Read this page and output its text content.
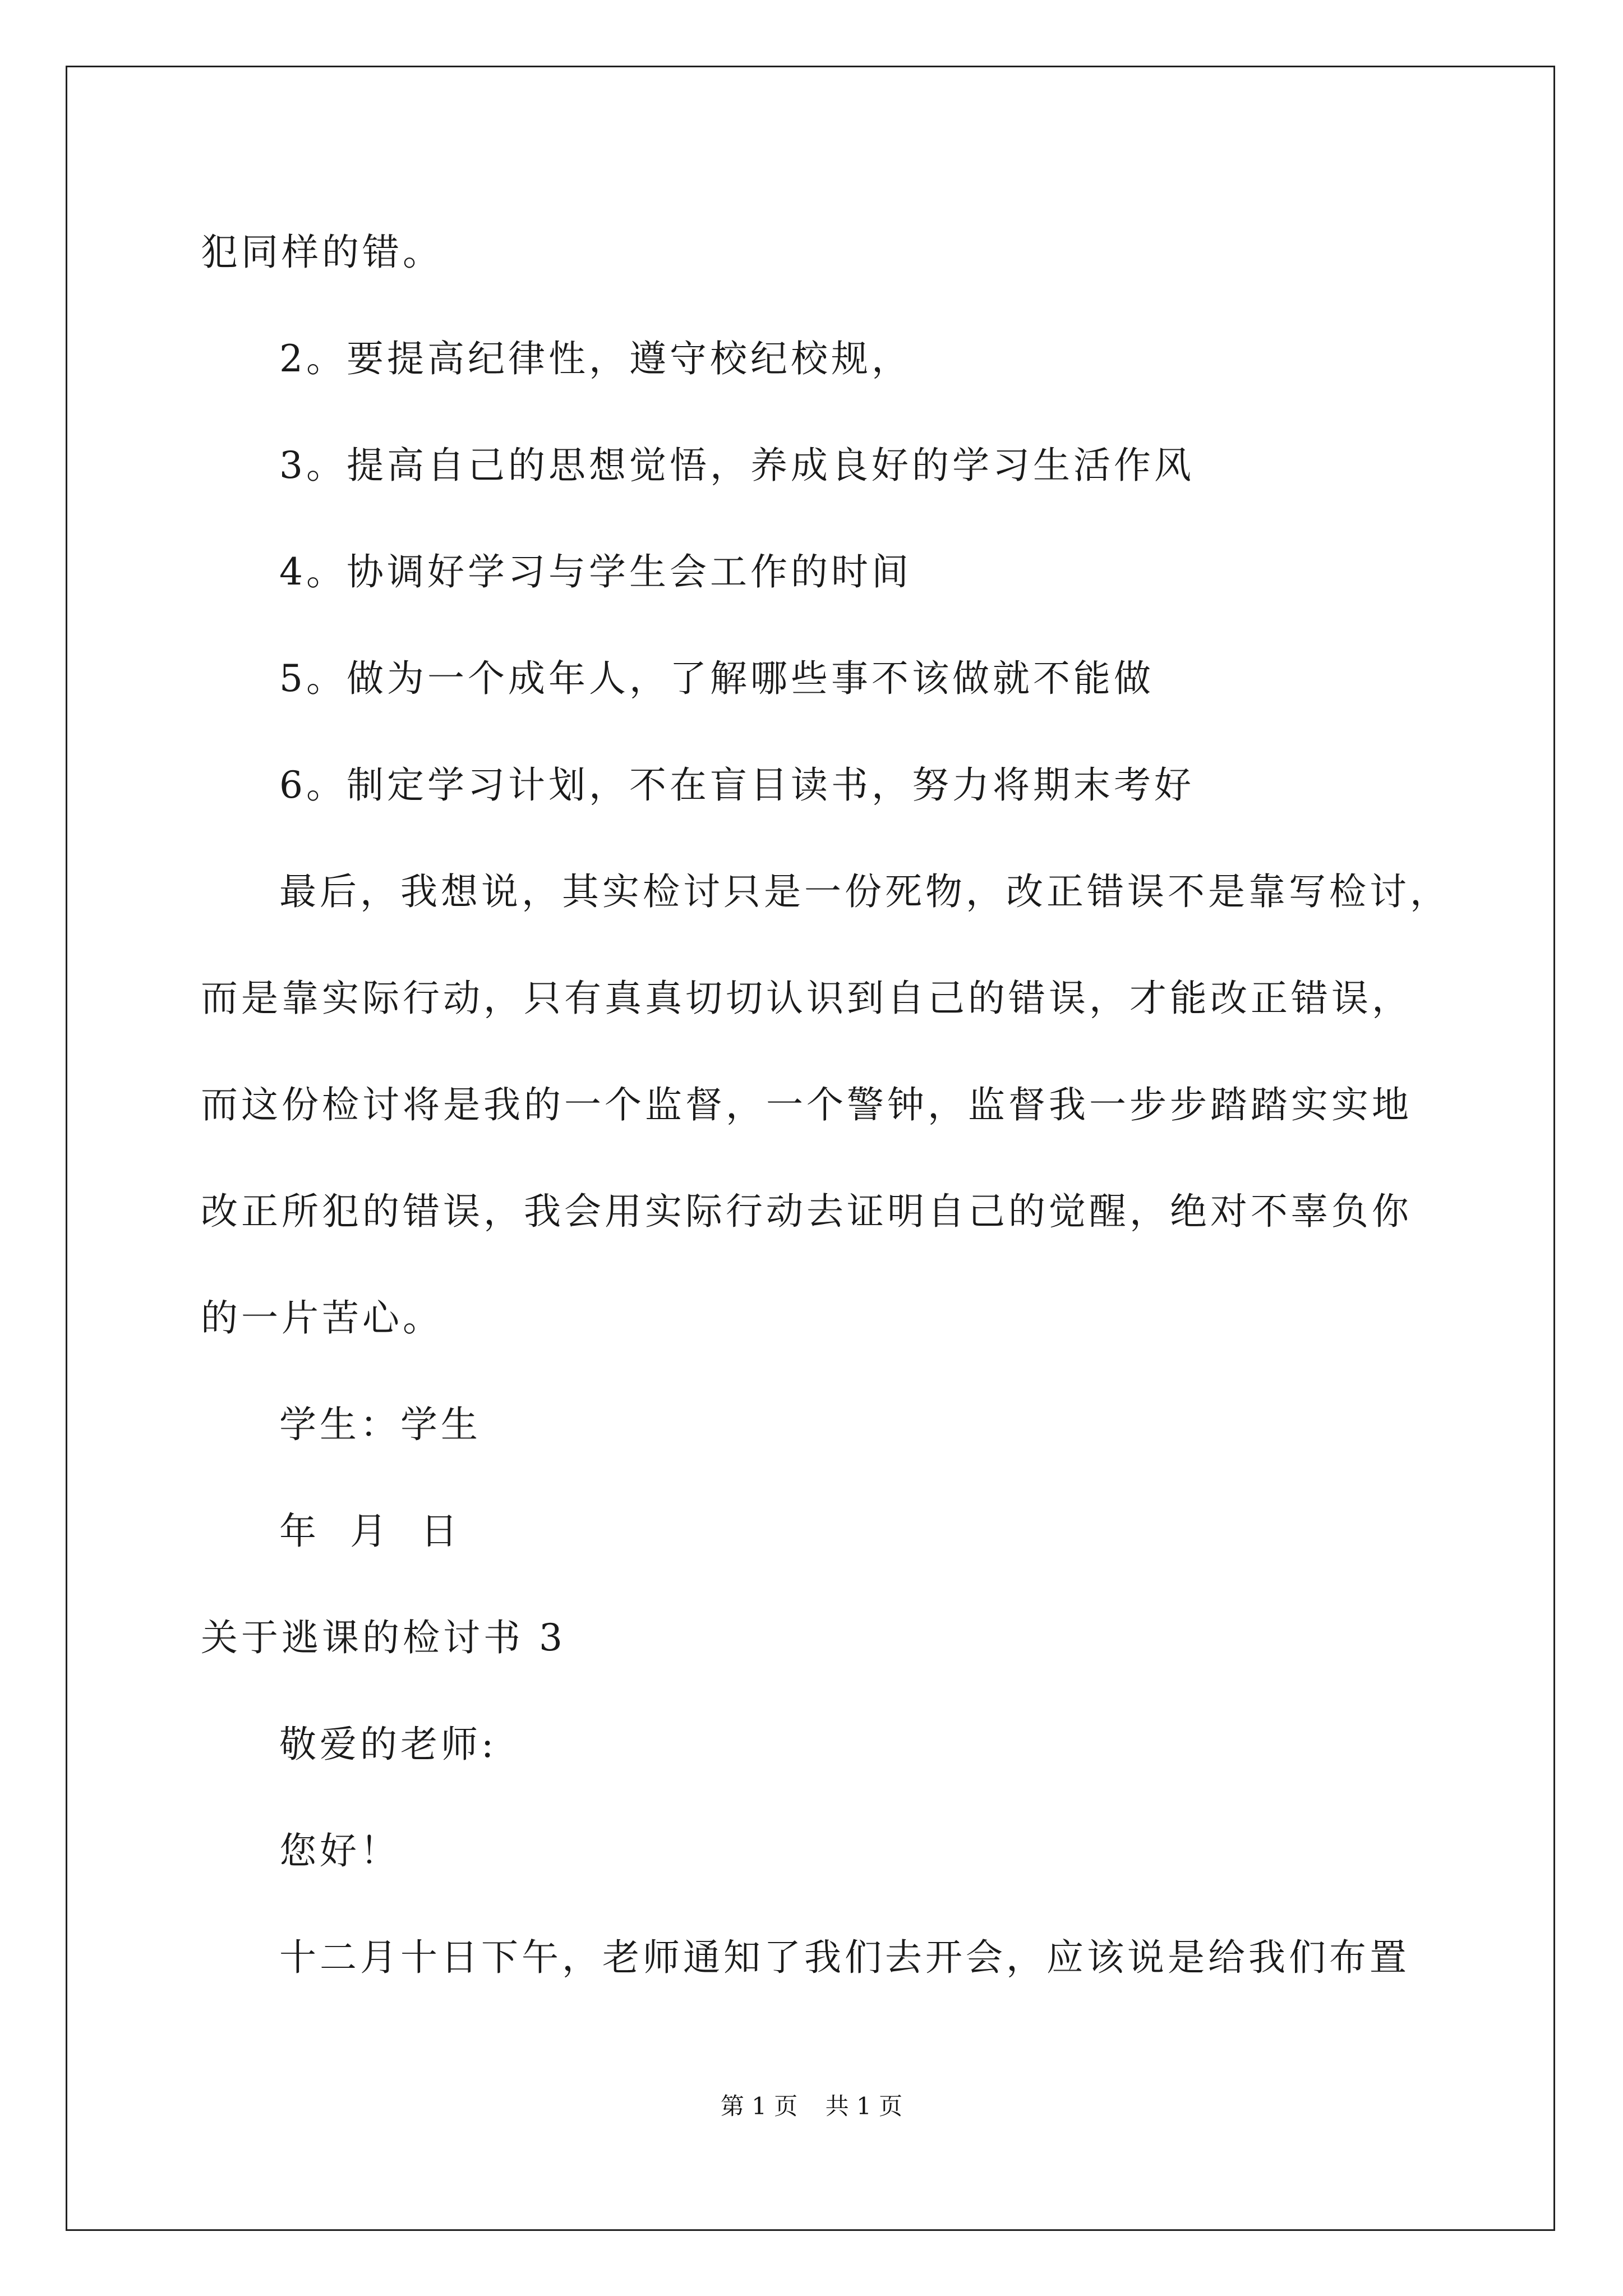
犯同样的错。
2。要提高纪律性，遵守校纪校规，
3。提高自己的思想觉悟，养成良好的学习生活作风
4。协调好学习与学生会工作的时间
5。做为一个成年人，了解哪些事不该做就不能做
6。制定学习计划，不在盲目读书，努力将期末考好
最后，我想说，其实检讨只是一份死物，改正错误不是靠写检讨，
而是靠实际行动，只有真真切切认识到自己的错误，才能改正错误，
而这份检讨将是我的一个监督，一个警钟，监督我一步步踏踏实实地
改正所犯的错误，我会用实际行动去证明自己的觉醒，绝对不辜负你
的一片苦心。
学生：学生
年  月  日
关于逃课的检讨书 3
敬爱的老师:
您好！
十二月十日下午，老师通知了我们去开会，应该说是给我们布置
第 1 页 共 1 页
